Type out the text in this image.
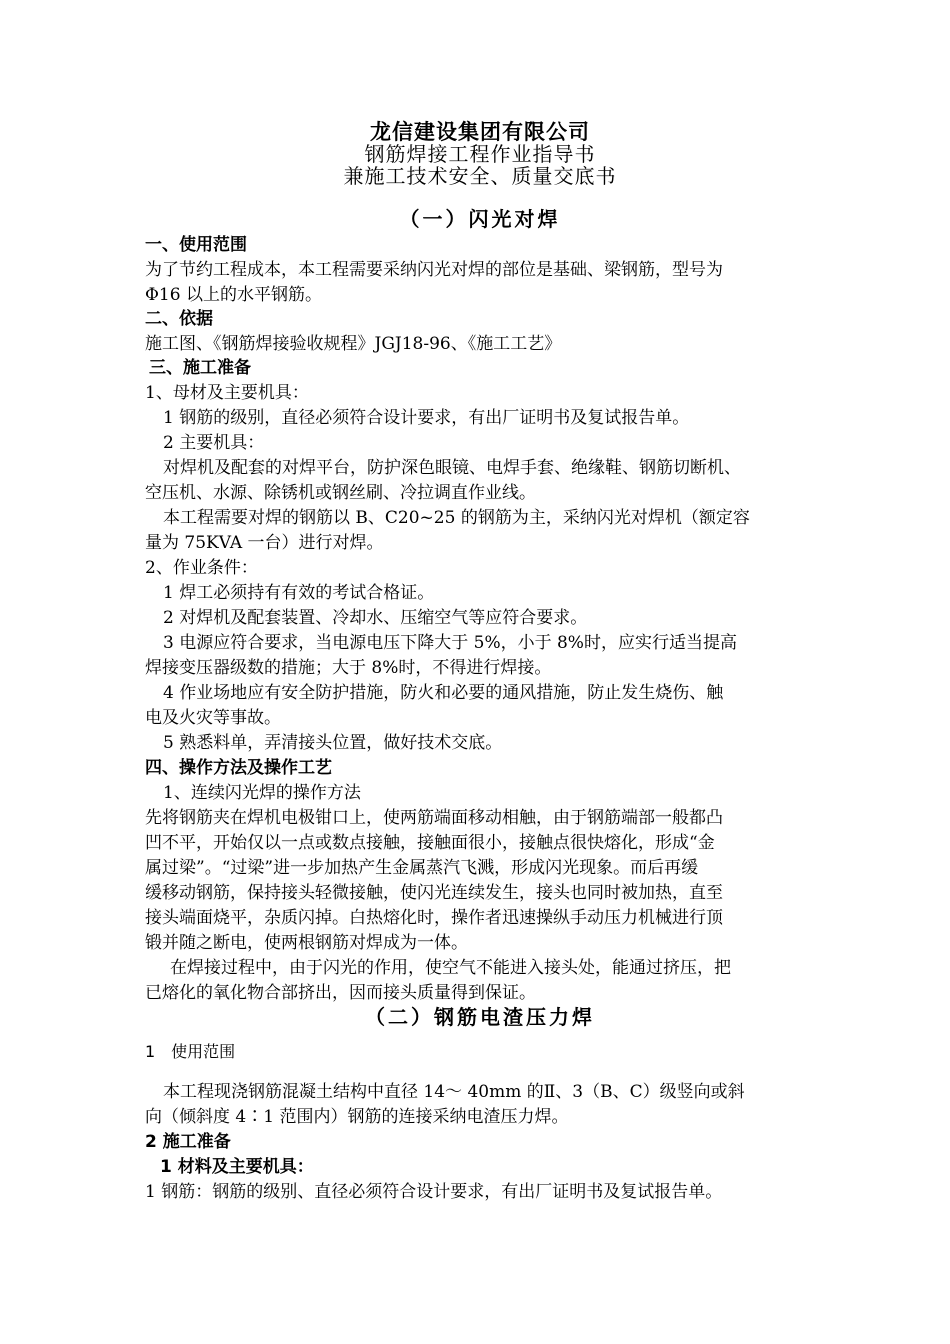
龙信建设集团有限公司
钢筋焊接工程作业指导书
兼施工技术安全、质量交底书
（一）闪光对焊
一、使用范围
为了节约工程成本，本工程需要采纳闪光对焊的部位是基础、梁钢筋，型号为
Φ16 以上的水平钢筋。
二、依据
施工图、《钢筋焊接验收规程》JGJ18-96、《施工工艺》
三、施工准备
1、母材及主要机具：
1 钢筋的级别，直径必须符合设计要求，有出厂证明书及复试报告单。
2 主要机具：
对焊机及配套的对焊平台，防护深色眼镜、电焊手套、绝缘鞋、钢筋切断机、
空压机、水源、除锈机或钢丝刷、冷拉调直作业线。
本工程需要对焊的钢筋以 B、C20~25 的钢筋为主，采纳闪光对焊机（额定容
量为 75KVA 一台）进行对焊。
2、作业条件：
1 焊工必须持有有效的考试合格证。
2 对焊机及配套装置、冷却水、压缩空气等应符合要求。
3 电源应符合要求，当电源电压下降大于 5%，小于 8%时，应实行适当提高
焊接变压器级数的措施；大于 8%时，不得进行焊接。
4 作业场地应有安全防护措施，防火和必要的通风措施，防止发生烧伤、触
电及火灾等事故。
5 熟悉料单，弄清接头位置，做好技术交底。
四、操作方法及操作工艺
1、连续闪光焊的操作方法
先将钢筋夹在焊机电极钳口上，使两筋端面移动相触，由于钢筋端部一般都凸
凹不平，开始仅以一点或数点接触，接触面很小，接触点很快熔化，形成“金
属过梁”。“过梁”进一步加热产生金属蒸汽飞溅，形成闪光现象。而后再缓
缓移动钢筋，保持接头轻微接触，使闪光连续发生，接头也同时被加热，直至
接头端面烧平，杂质闪掉。白热熔化时，操作者迅速操纵手动压力机械进行顶
锻并随之断电，使两根钢筋对焊成为一体。
在焊接过程中，由于闪光的作用，使空气不能进入接头处，能通过挤压，把
已熔化的氧化物合部挤出，因而接头质量得到保证。
（二）钢筋电渣压力焊
1　使用范围
本工程现浇钢筋混凝土结构中直径 14～ 40mm 的Ⅱ、3（B、C）级竖向或斜
向（倾斜度 4∶1 范围内）钢筋的连接采纳电渣压力焊。
2 施工准备
1 材料及主要机具：
1 钢筋：钢筋的级别、直径必须符合设计要求，有出厂证明书及复试报告单。
